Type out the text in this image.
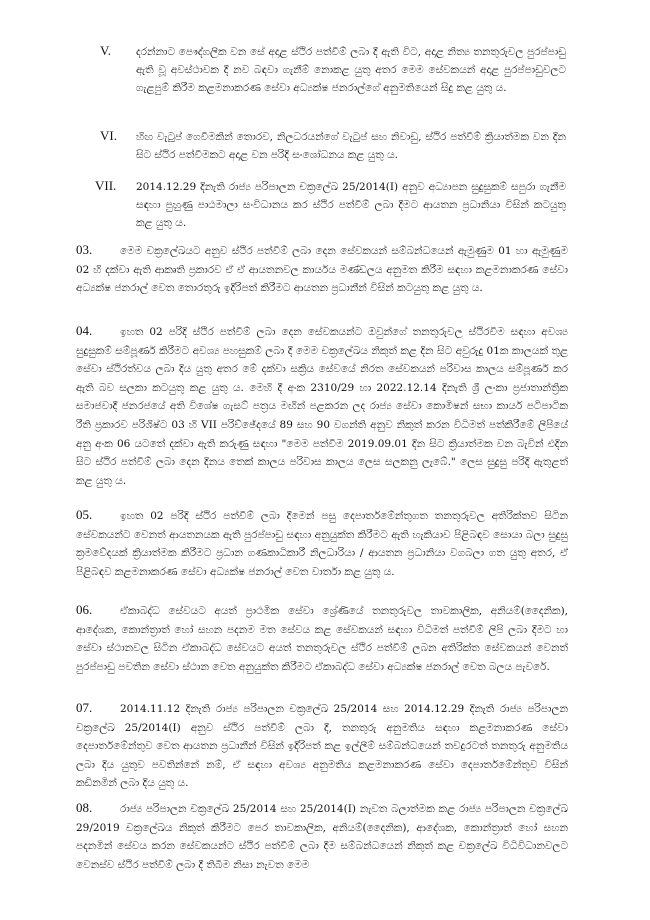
V. දරන්නාට පෞද්ගලික වන සේ අදාළ ස්ථිර පත්වීම් ලබා දී ඇති විට, අදාළ නිත්‍ය තනතුරුවල පුරප්පාඩු ඇති වූ අවස්ථාවක දී නව බඳවා ගැනීම් නොකළ යුතු අතර මෙම සේවකයන් අදාළ පුරප්පාඩුවලට ගැළපුම් කිරීම කළමනාකරණ සේවා අධ්‍යක්ෂ ජනරාල්ගේ අනුමතියෙන් සිදු කළ යුතු ය.
VI. හිඟ වැටුප් ගෙවීමකින් තොරව, නිලධරයන්ගේ වැටුප් සහ නිවාඩු, ස්ථිර පත්වීම් ක්‍රියාත්මක වන දින සිට ස්ථිර පත්වීමකට අදාළ වන පරිදි සංශෝධනය කළ යුතු ය.
VII. 2014.12.29 දිනැති රාජ්‍ය පරිපාලන චක්‍රලේඛ 25/2014(I) අනුව අධ්‍යාපන සුදුසුකම් සපුරා ගැනීම සඳහා පුහුණු පාඨමාලා සංවිධානය කර ස්ථිර පත්වීම් ලබා දීමට ආයතන ප්‍රධානියා විසින් කටයුතු කළ යුතු ය.
03.	මෙම චක්‍රලේඛයට අනුව ස්ථිර පත්වීම් ලබා දෙන සේවකයන් සම්බන්ධයෙන් ඇමුණුම 01 හා ඇමුණුම 02 හි දක්වා ඇති ආකෘති ප්‍රකාරව ඒ ඒ ආයතනවල කාර්යය මණ්ඩලය අනුමත කිරීම සඳහා කළමනාකරණ සේවා අධ්‍යක්ෂ ජනරාල් වෙත තොරතුරු ඉදිරිපත් කිරීමට ආයතන ප්‍රධානීන් විසින් කටයුතු කළ යුතු ය.
04.	ඉහත 02 පරිදි ස්ථිර පත්වීම් ලබා දෙන සේවකයන්ට ඔවුන්ගේ තනතුරුවල ස්ථිරවීම සඳහා අවශ්‍ය සුදුසුකම් සම්පූර්ණ කිරීමට අවශ්‍ය පහසුකම් ලබා දී මෙම චක්‍රලේඛය නිකුත් කළ දින සිට අවුරුදු 01ක කාලයක් තුළ සේවා ස්ථිරත්වය ලබා දිය යුතු අතර මේ දක්වා සක්‍රිය සේවයේ නිරත සේවකයන් පරිවාස කාලය සම්පූර්ණ කර ඇති බව සලකා කටයුතු කළ යුතු ය. මෙහි දී අංක 2310/29 හා 2022.12.14 දිනැති ශ්‍රී ලංකා ප්‍රජාතාන්ත්‍රික සමාජවාදී ජනරජයේ අති විශේෂ ගැසට් පත්‍රය මඟින් පළකරන ලද රාජ්‍ය සේවා කොමිෂන් සභා කාර්ය පටිපාටික රීති ප්‍රකාරව පරිශිෂ්ට 03 හි VII පරිච්ඡේදයේ 89 සහ 90 වගන්ති අනුව නිකුත් කරන විධිමත් පත්කිරීමේ ලිපියේ අනු අංක 06 යටතේ දක්වා ඇති කරුණු සඳහා "මෙම පත්වීම 2019.09.01 දින සිට ක්‍රියාත්මක වන බැවින් එදින සිට ස්ථිර පත්වීම් ලබා දෙන දිනය තෙක් කාලය පරිවාස කාලය ලෙස සලකනු ලැබේ." ලෙස සුදුසු පරිදි ඇතුළත් කළ යුතු ය.
05.	ඉහත 02 පරිදි ස්ථිර පත්වීම් ලබා දීමෙන් පසු දෙපාර්තමේන්තුගත තනතුරුවල අතිරික්තව සිටින සේවකයන්ට වෙනත් ආයතනයක ඇති පුරප්පාඩු සඳහා අනුයුක්ත කිරීමට ඇති හැකියාව පිළිබඳව සොයා බලා සුදුසු ක්‍රමවේදයක් ක්‍රියාත්මක කිරීමට ප්‍රධාන ගණකාධිකාරී නිලධාරියා / ආයතන ප්‍රධානියා වගබලා ගත යුතු අතර, ඒ පිළිබඳව කළමනාකරණ සේවා අධ්‍යක්ෂ ජනරාල් වෙත වාර්තා කළ යුතු ය.
06.	ඒකාබද්ධ සේවයට අයත් ප්‍රාථමික සේවා ශ්‍රේණියේ තනතුරුවල තාවකාලික, අනියම්(දෛනික), ආදේශක, කොන්ත්‍රාත් හෝ සහන පදනම මත සේවය කළ සේවකයන් සඳහා විධිමත් පත්වීම් ලිපි ලබා දීමට හා සේවා ස්ථානවල සිටින ඒකාබද්ධ සේවයට අයත් තනතුරුවල ස්ථිර පත්වීම් ලබන අතිරික්ත සේවකයන් වෙනත් පුරප්පාඩු පවතින සේවා ස්ථාන වෙත අනුයුක්ත කිරීමට ඒකාබද්ධ සේවා අධ්‍යක්ෂ ජනරාල් වෙත බලය පැවරේ.
07.	2014.11.12 දිනැති රාජ්‍ය පරිපාලන චක්‍රලේඛ 25/2014 සහ 2014.12.29 දිනැති රාජ්‍ය පරිපාලන චක්‍රලේඛ 25/2014(I) අනුව ස්ථිර පත්වීම් ලබා දී, තනතුරු අනුමතිය සඳහා කළමනාකරණ සේවා දෙපාර්තමේන්තුව වෙත ආයතන ප්‍රධානීන් විසින් ඉදිරිපත් කළ ඉල්ලීම් සම්බන්ධයෙන් තවදුරටත් තනතුරු අනුමතිය ලබා දිය යුතුව පවතින්නේ නම්, ඒ සඳහා අවශ්‍ය අනුමතිය කළමනාකරණ සේවා දෙපාර්තමේන්තුව විසින් කඩිනමින් ලබා දිය යුතු ය.
08.	රාජ්‍ය පරිපාලන චක්‍රලේඛ 25/2014 සහ 25/2014(I) නැවත බලාත්මක කළ රාජ්‍ය පරිපාලන චක්‍රලේඛ 29/2019 චක්‍රලේඛය නිකුත් කිරීමට පෙර තාවකාලික, අනියම්(දෛනික), ආදේශක, කොන්ත්‍රාත් හෝ සහන පදනමින් සේවය කරන සේවකයන්ට ස්ථිර පත්වීම් ලබා දීම සම්බන්ධයෙන් නිකුත් කළ චක්‍රලේඛ විධිවිධානවලට වෙනස්ව ස්ථිර පත්වීම් ලබා දී තිබීම නිසා නැවත මෙම
